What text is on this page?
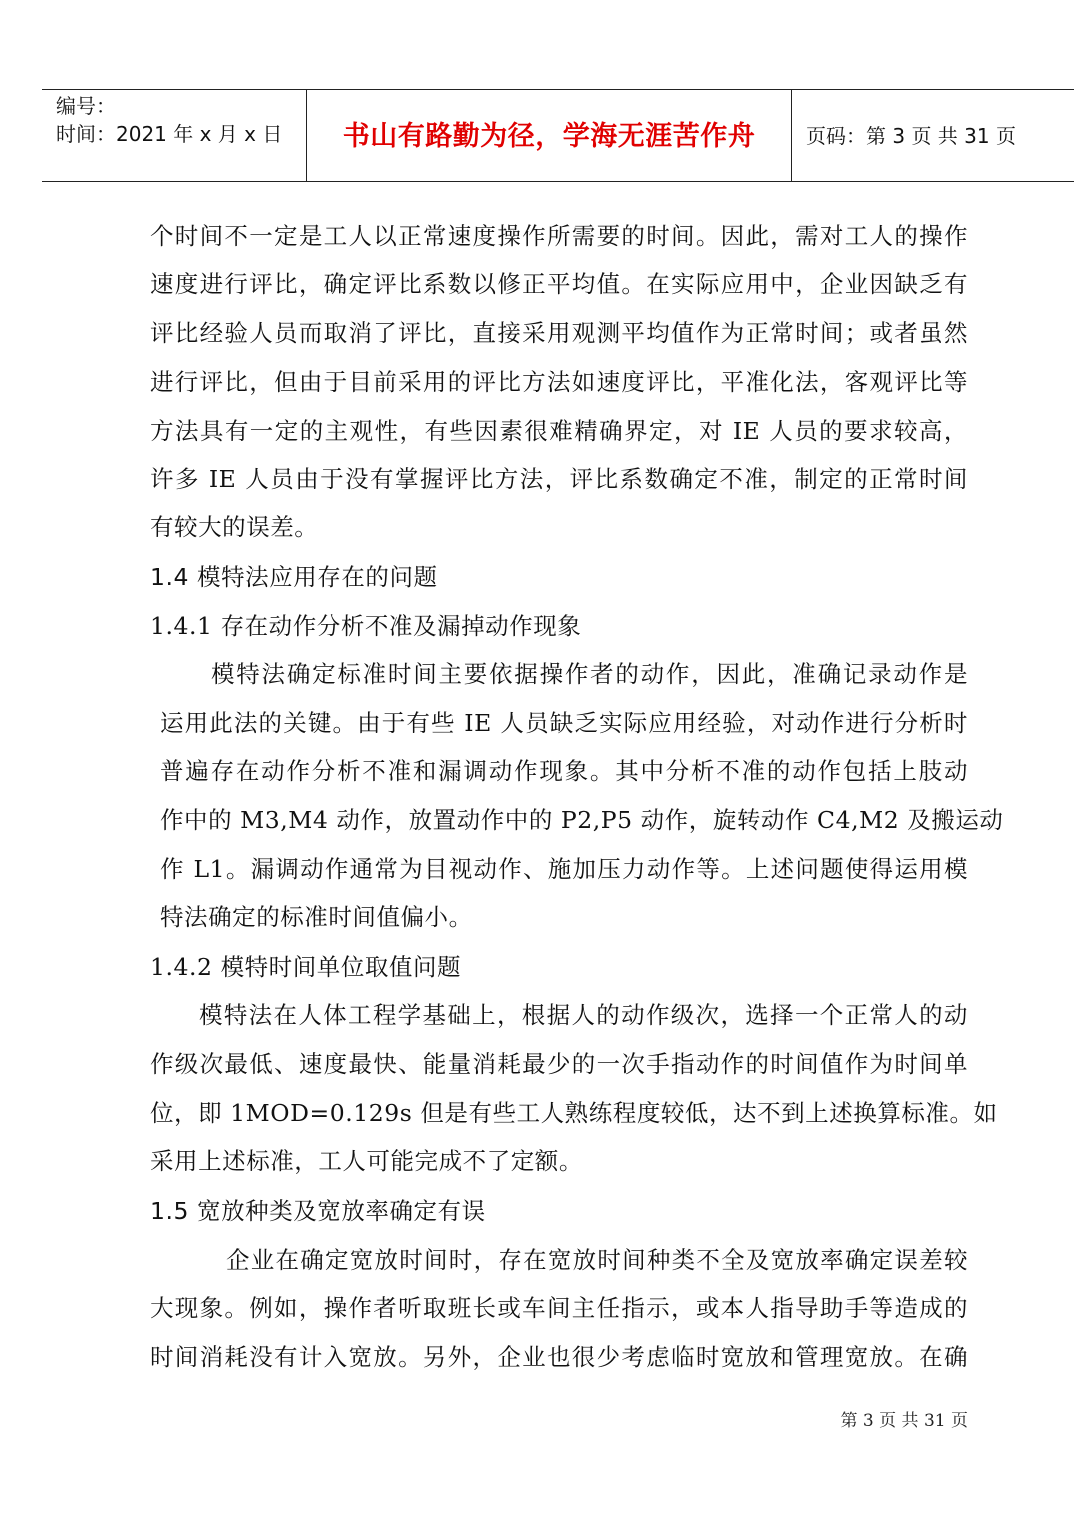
编号：
时间：2021 年 x 月 x 日	书山有路勤为径，学海无涯苦作舟	页码：第 3 页 共 31 页
个时间不一定是工人以正常速度操作所需要的时间。因此，需对工人的操作
速度进行评比，确定评比系数以修正平均值。在实际应用中，企业因缺乏有
评比经验人员而取消了评比，直接采用观测平均值作为正常时间；或者虽然
进行评比，但由于目前采用的评比方法如速度评比，平准化法，客观评比等
方法具有一定的主观性，有些因素很难精确界定，对 IE 人员的要求较高，
许多 IE 人员由于没有掌握评比方法，评比系数确定不准，制定的正常时间
有较大的误差。
1.4 模特法应用存在的问题
1.4.1 存在动作分析不准及漏掉动作现象
模特法确定标准时间主要依据操作者的动作，因此，准确记录动作是
运用此法的关键。由于有些 IE 人员缺乏实际应用经验，对动作进行分析时
普遍存在动作分析不准和漏调动作现象。其中分析不准的动作包括上肢动
作中的 M3,M4 动作，放置动作中的 P2,P5 动作，旋转动作 C4,M2 及搬运动
作 L1。漏调动作通常为目视动作、施加压力动作等。上述问题使得运用模
特法确定的标准时间值偏小。
1.4.2 模特时间单位取值问题
模特法在人体工程学基础上，根据人的动作级次，选择一个正常人的动
作级次最低、速度最快、能量消耗最少的一次手指动作的时间值作为时间单
位，即 1MOD=0.129s 但是有些工人熟练程度较低，达不到上述换算标准。如
采用上述标准，工人可能完成不了定额。
1.5 宽放种类及宽放率确定有误
企业在确定宽放时间时，存在宽放时间种类不全及宽放率确定误差较
大现象。例如，操作者听取班长或车间主任指示，或本人指导助手等造成的
时间消耗没有计入宽放。另外，企业也很少考虑临时宽放和管理宽放。在确
第 3 页 共 31 页
